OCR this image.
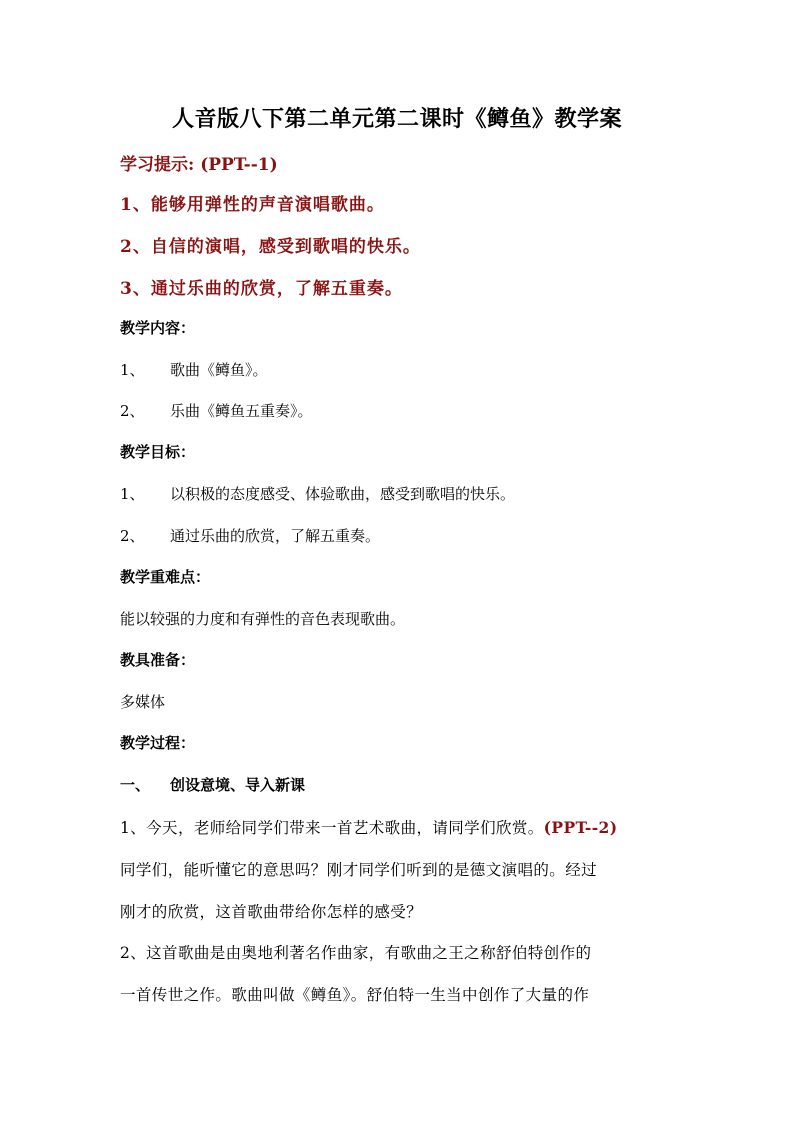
人音版八下第二单元第二课时《鳟鱼》教学案
学习提示: (PPT--1)
1、能够用弹性的声音演唱歌曲。
2、自信的演唱，感受到歌唱的快乐。
3、通过乐曲的欣赏，了解五重奏。
教学内容：
1、 歌曲《鳟鱼》。
2、 乐曲《鳟鱼五重奏》。
教学目标：
1、 以积极的态度感受、体验歌曲，感受到歌唱的快乐。
2、 通过乐曲的欣赏，了解五重奏。
教学重难点：
能以较强的力度和有弹性的音色表现歌曲。
教具准备：
多媒体
教学过程：
一、 创设意境、导入新课
1、今天，老师给同学们带来一首艺术歌曲，请同学们欣赏。(PPT--2)
同学们，能听懂它的意思吗？刚才同学们听到的是德文演唱的。经过
刚才的欣赏，这首歌曲带给你怎样的感受？
2、这首歌曲是由奥地利著名作曲家，有歌曲之王之称舒伯特创作的
一首传世之作。歌曲叫做《鳟鱼》。舒伯特一生当中创作了大量的作
